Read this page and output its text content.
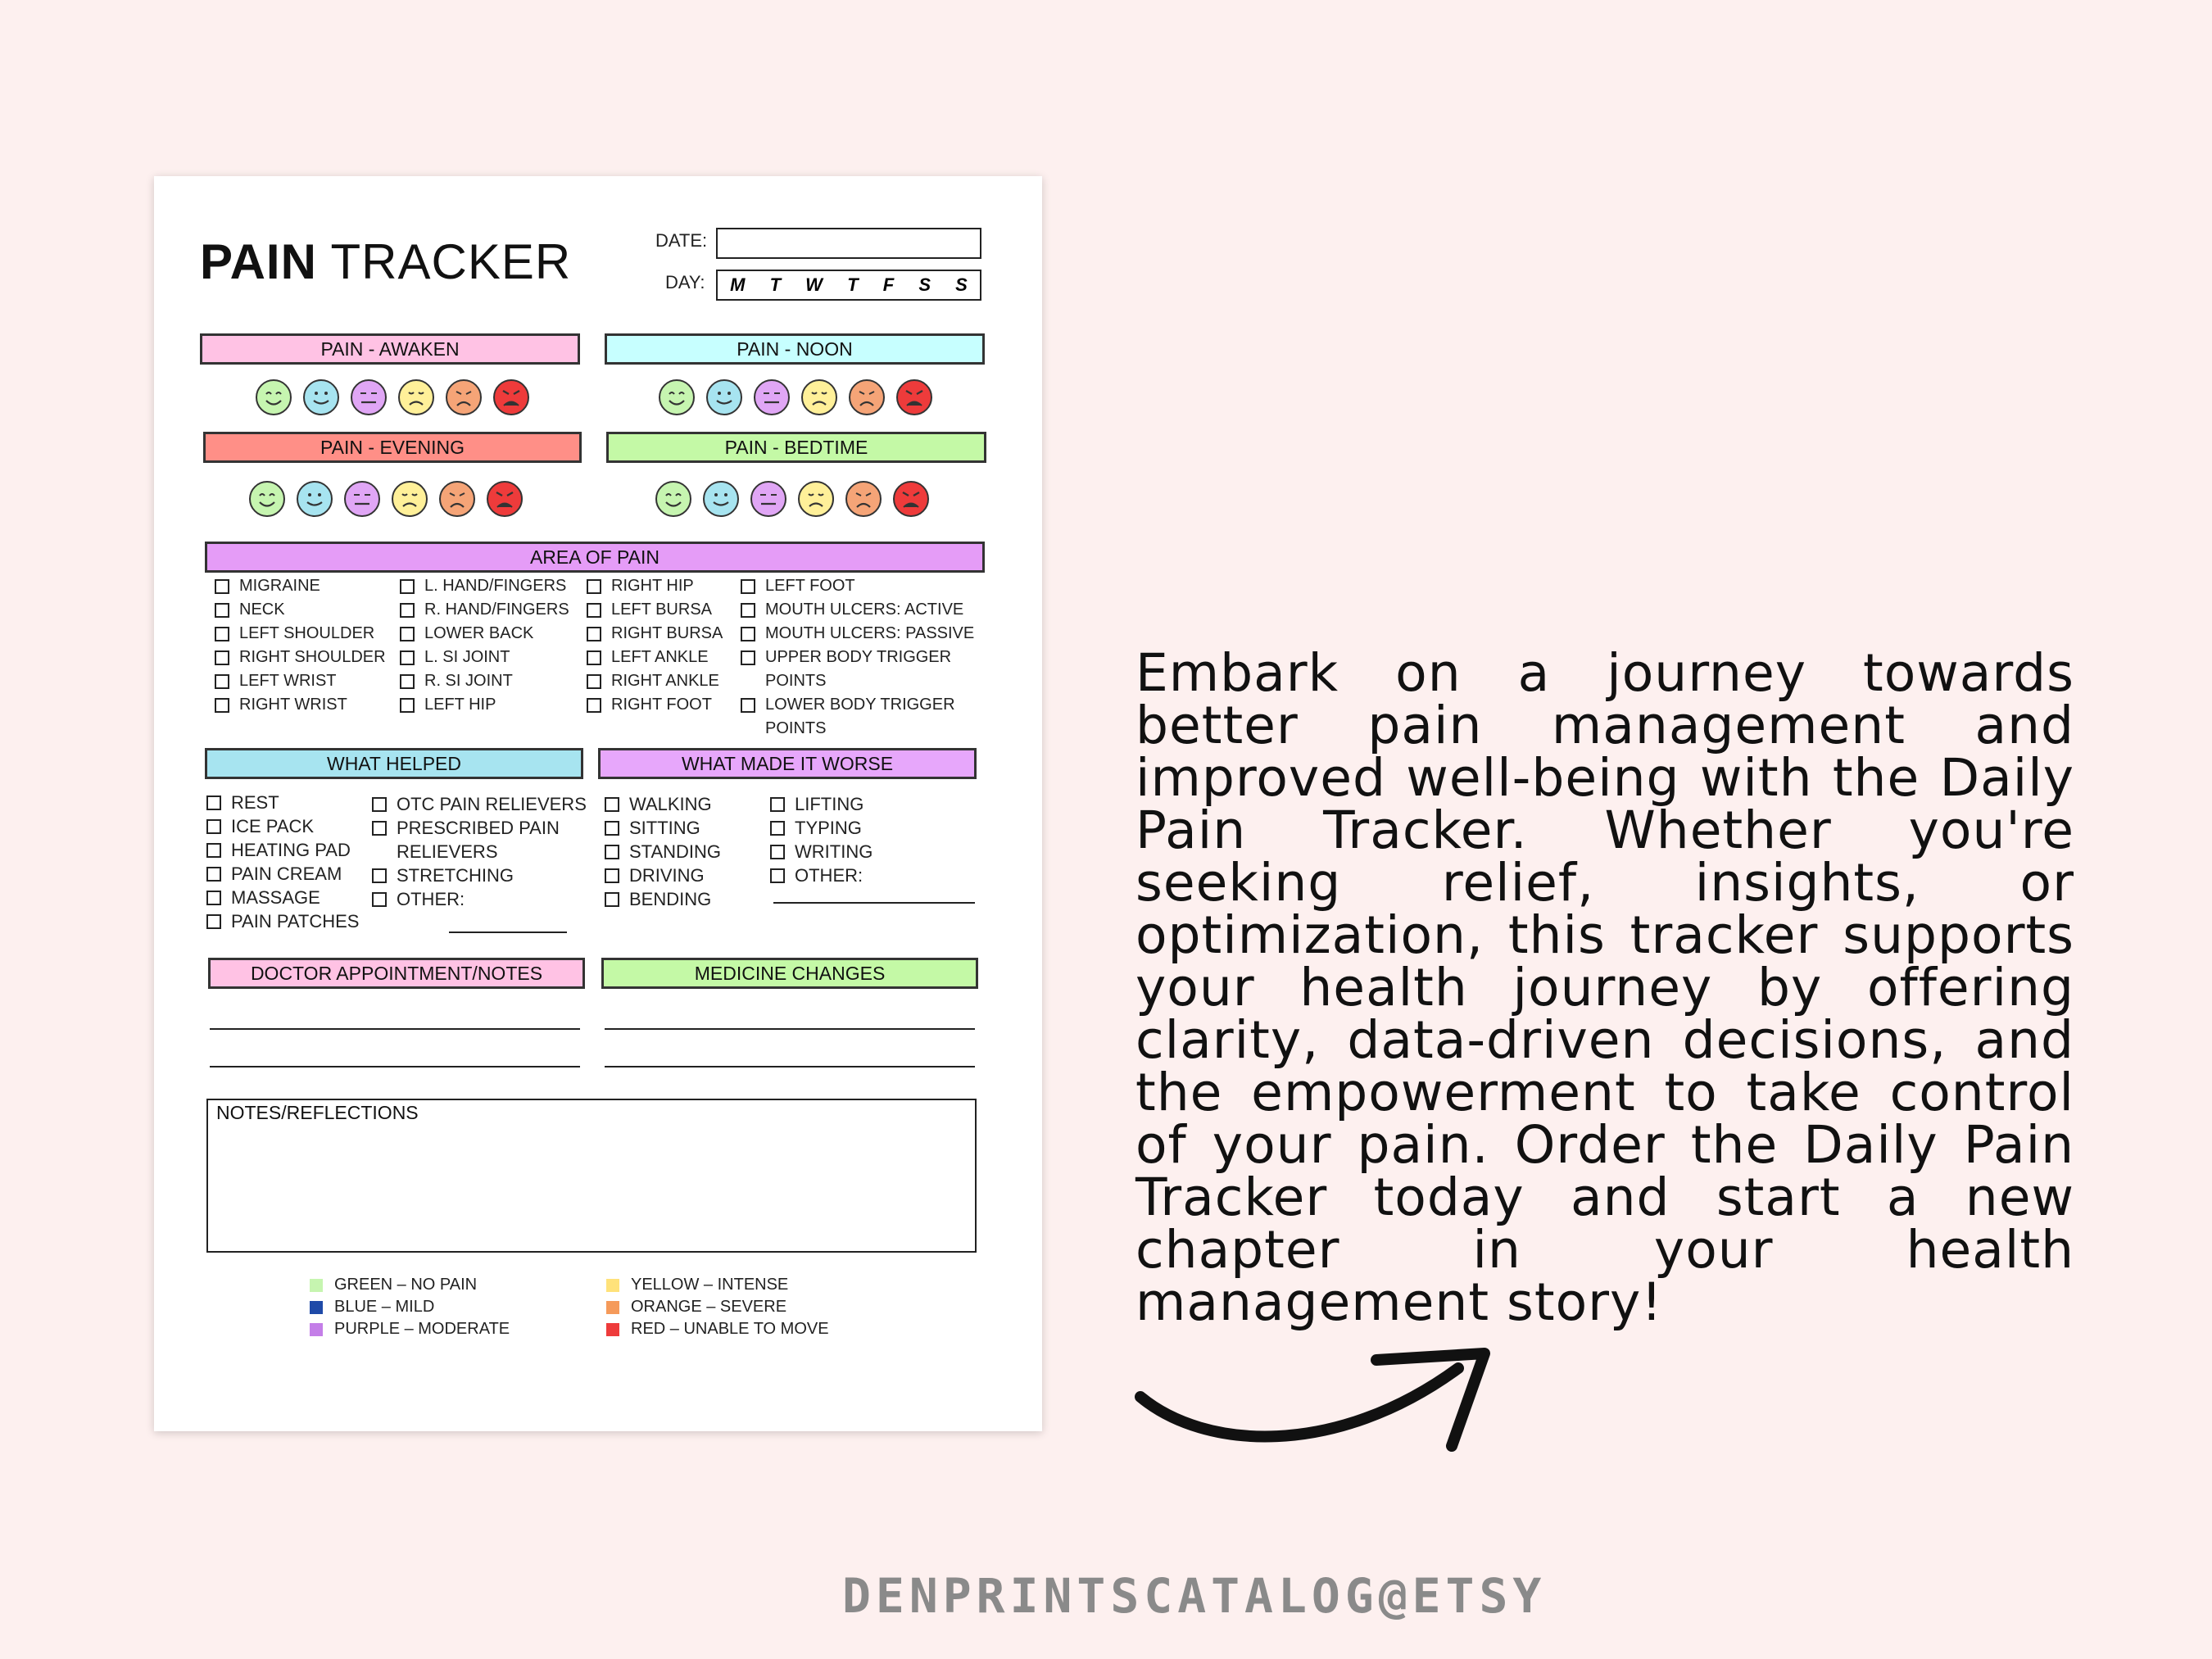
PAIN TRACKER	DATE:
DAY: M T W T F S S
PAIN - AWAKEN	PAIN - NOON
PAIN - EVENING	PAIN - BEDTIME
AREA OF PAIN
MIGRAINE
NECK
LEFT SHOULDER
RIGHT SHOULDER
LEFT WRIST
RIGHT WRIST
L. HAND/FINGERS
R. HAND/FINGERS
LOWER BACK
L. SI JOINT
R. SI JOINT
LEFT HIP
RIGHT HIP
LEFT BURSA
RIGHT BURSA
LEFT ANKLE
RIGHT ANKLE
RIGHT FOOT
LEFT FOOT
MOUTH ULCERS: ACTIVE
MOUTH ULCERS: PASSIVE
UPPER BODY TRIGGER POINTS
LOWER BODY TRIGGER POINTS
WHAT HELPED	WHAT MADE IT WORSE
REST
ICE PACK
HEATING PAD
PAIN CREAM
MASSAGE
PAIN PATCHES
OTC PAIN RELIEVERS
PRESCRIBED PAIN RELIEVERS
STRETCHING
OTHER:
WALKING
SITTING
STANDING
DRIVING
BENDING
LIFTING
TYPING
WRITING
OTHER:
DOCTOR APPOINTMENT/NOTES	MEDICINE CHANGES
NOTES/REFLECTIONS
GREEN – NO PAIN
BLUE – MILD
PURPLE – MODERATE
YELLOW – INTENSE
ORANGE – SEVERE
RED – UNABLE TO MOVE
Embark on a journey towards better pain management and improved well-being with the Daily Pain Tracker. Whether you're seeking relief, insights, or optimization, this tracker supports your health journey by offering clarity, data-driven decisions, and the empowerment to take control of your pain. Order the Daily Pain Tracker today and start a new chapter in your health management story!
DENPRINTSCATALOG@ETSY
